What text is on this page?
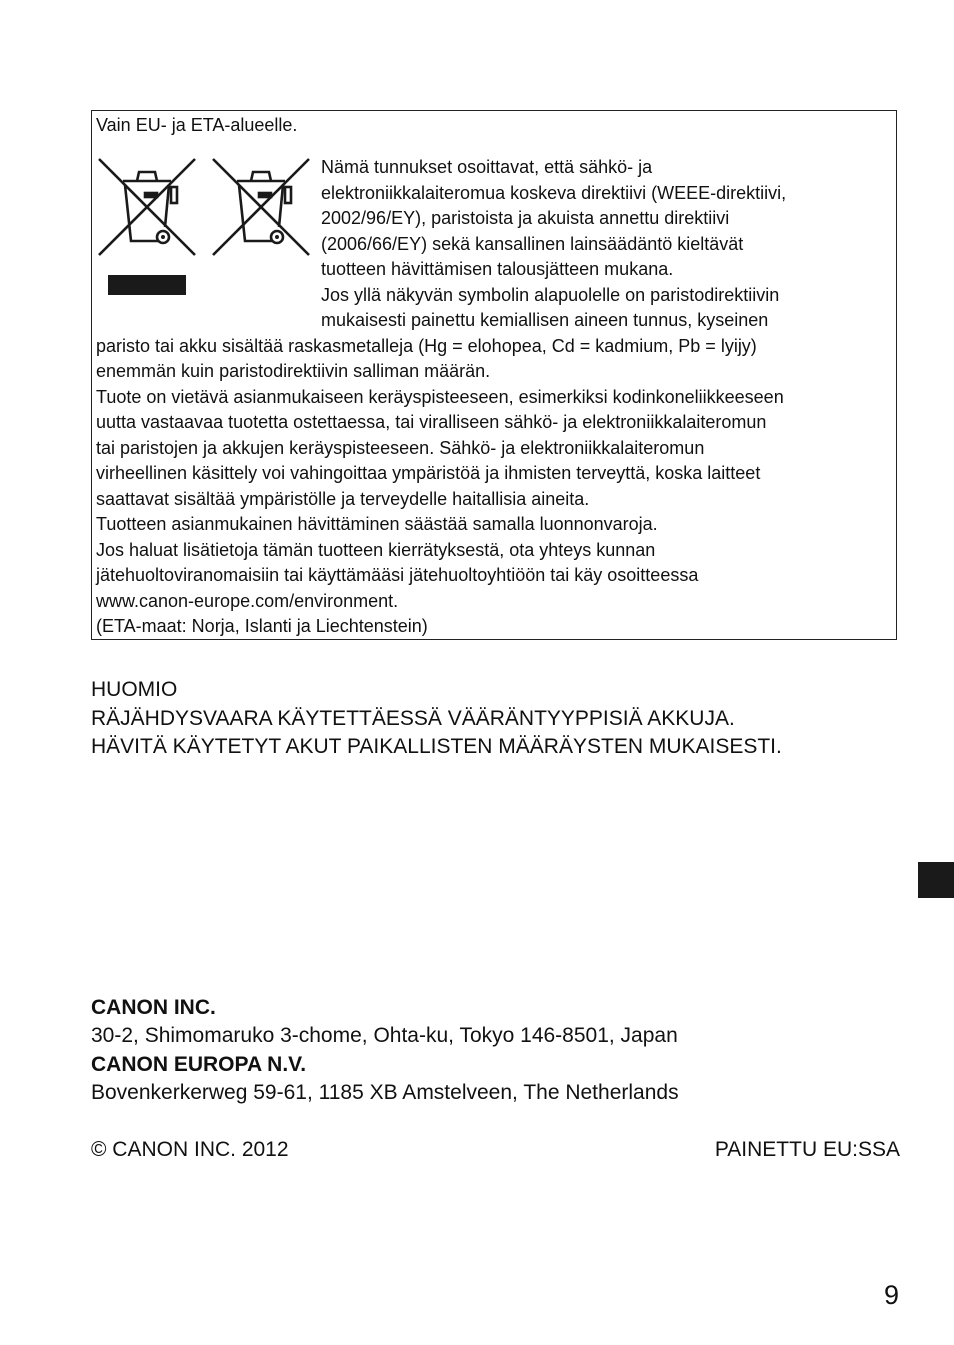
Vain EU- ja ETA-alueelle.
Nämä tunnukset osoittavat, että sähkö- ja
elektroniikkalaiteromua koskeva direktiivi (WEEE-direktiivi,
2002/96/EY), paristoista ja akuista annettu direktiivi
(2006/66/EY) sekä kansallinen lainsäädäntö kieltävät
tuotteen hävittämisen talousjätteen mukana.
Jos yllä näkyvän symbolin alapuolelle on paristodirektiivin
mukaisesti painettu kemiallisen aineen tunnus, kyseinen
paristo tai akku sisältää raskasmetalleja (Hg = elohopea, Cd = kadmium, Pb = lyijy)
enemmän kuin paristodirektiivin salliman määrän.
Tuote on vietävä asianmukaiseen keräyspisteeseen, esimerkiksi kodinkoneliikkeeseen
uutta vastaavaa tuotetta ostettaessa, tai viralliseen sähkö- ja elektroniikkalaiteromun
tai paristojen ja akkujen keräyspisteeseen. Sähkö- ja elektroniikkalaiteromun
virheellinen käsittely voi vahingoittaa ympäristöä ja ihmisten terveyttä, koska laitteet
saattavat sisältää ympäristölle ja terveydelle haitallisia aineita.
Tuotteen asianmukainen hävittäminen säästää samalla luonnonvaroja.
Jos haluat lisätietoja tämän tuotteen kierrätyksestä, ota yhteys kunnan
jätehuoltoviranomaisiin tai käyttämääsi jätehuoltoyhtiöön tai käy osoitteessa
www.canon-europe.com/environment.
(ETA-maat: Norja, Islanti ja Liechtenstein)
HUOMIO
RÄJÄHDYSVAARA KÄYTETTÄESSÄ VÄÄRÄNTYYPPISIÄ AKKUJA.
HÄVITÄ KÄYTETYT AKUT PAIKALLISTEN MÄÄRÄYSTEN MUKAISESTI.
CANON INC.
30-2, Shimomaruko 3-chome, Ohta-ku, Tokyo 146-8501, Japan
CANON EUROPA N.V.
Bovenkerkerweg 59-61, 1185 XB Amstelveen, The Netherlands
© CANON INC. 2012	PAINETTU EU:SSA
9
